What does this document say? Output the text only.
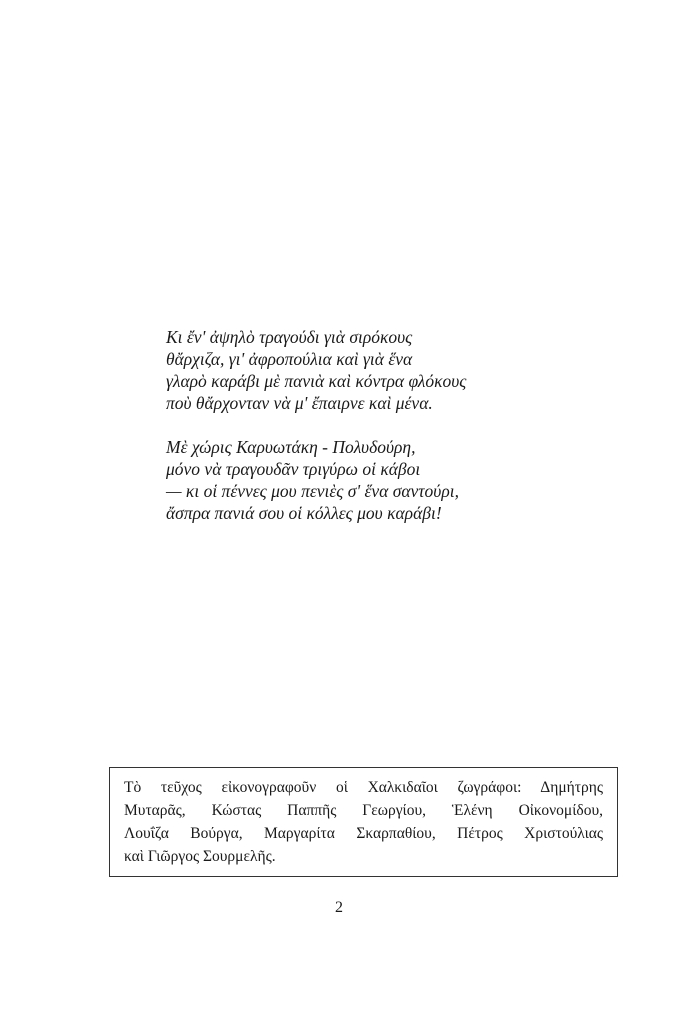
Κι ἔν' ἀψηλὸ τραγούδι γιὰ σιρόκους
θἄρχιζα, γι' ἀφροπούλια καὶ γιὰ ἕνα
γλαρὸ καράβι μὲ πανιὰ καὶ κόντρα φλόκους
ποὺ θἄρχονταν νὰ μ' ἔπαιρνε καὶ μένα.

Μὲ χώρις Καρυωτάκη - Πολυδούρη,
μόνο νὰ τραγουδᾶν τριγύρω οἱ κάβοι
— κι οἱ πέννες μου πενιὲς σ' ἕνα σαντούρι,
ἄσπρα πανιά σου οἱ κόλλες μου καράβι!

Τὸ τεῦχος εἰκονογραφοῦν οἱ Χαλκιδαῖοι ζωγράφοι: Δημήτρης
Μυταρᾶς, Κώστας Παππῆς Γεωργίου, Ἑλένη Οἰκονομίδου,
Λουΐζα Βούργα, Μαργαρίτα Σκαρπαθίου, Πέτρος Χριστούλιας
καὶ Γιῶργος Σουρμελῆς.
2
